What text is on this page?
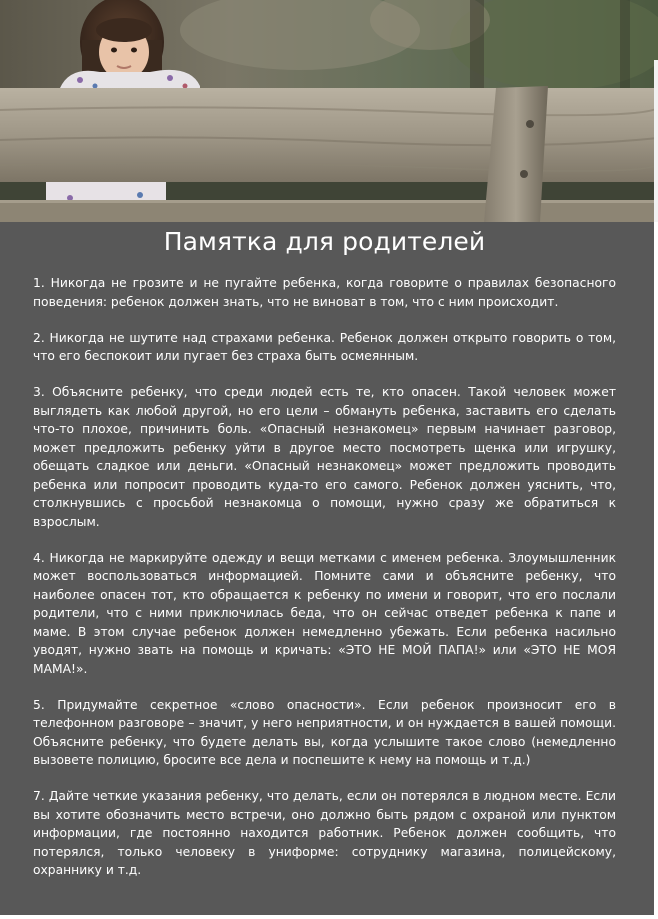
Памятка для родителей

1. Никогда не грозите и не пугайте ребенка, когда говорите о правилах безопасного поведения: ребенок должен знать, что не виноват в том, что с ним происходит.

2. Никогда не шутите над страхами ребенка. Ребенок должен открыто говорить о том, что его беспокоит или пугает без страха быть осмеянным.

3. Объясните ребенку, что среди людей есть те, кто опасен. Такой человек может выглядеть как любой другой, но его цели – обмануть ребенка, заставить его сделать что-то плохое, причинить боль. «Опасный незнакомец» первым начинает разговор, может предложить ребенку уйти в другое место посмотреть щенка или игрушку, обещать сладкое или деньги. «Опасный незнакомец» может предложить проводить ребенка или попросит проводить куда-то его самого. Ребенок должен уяснить, что, столкнувшись с просьбой незнакомца о помощи, нужно сразу же обратиться к взрослым.

4. Никогда не маркируйте одежду и вещи метками с именем ребенка. Злоумышленник может воспользоваться информацией. Помните сами и объясните ребенку, что наиболее опасен тот, кто обращается к ребенку по имени и говорит, что его послали родители, что с ними приключилась беда, что он сейчас отведет ребенка к папе и маме. В этом случае ребенок должен немедленно убежать. Если ребенка насильно уводят, нужно звать на помощь и кричать: «ЭТО НЕ МОЙ ПАПА!» или «ЭТО НЕ МОЯ МАМА!».

5. Придумайте секретное «слово опасности». Если ребенок произносит его в телефонном разговоре – значит, у него неприятности, и он нуждается в вашей помощи. Объясните ребенку, что будете делать вы, когда услышите такое слово (немедленно вызовете полицию, бросите все дела и поспешите к нему на помощь и т.д.)

7. Дайте четкие указания ребенку, что делать, если он потерялся в людном месте. Если вы хотите обозначить место встречи, оно должно быть рядом с охраной или пунктом информации, где постоянно находится работник. Ребенок должен сообщить, что потерялся, только человеку в униформе: сотруднику магазина, полицейскому, охраннику и т.д.
